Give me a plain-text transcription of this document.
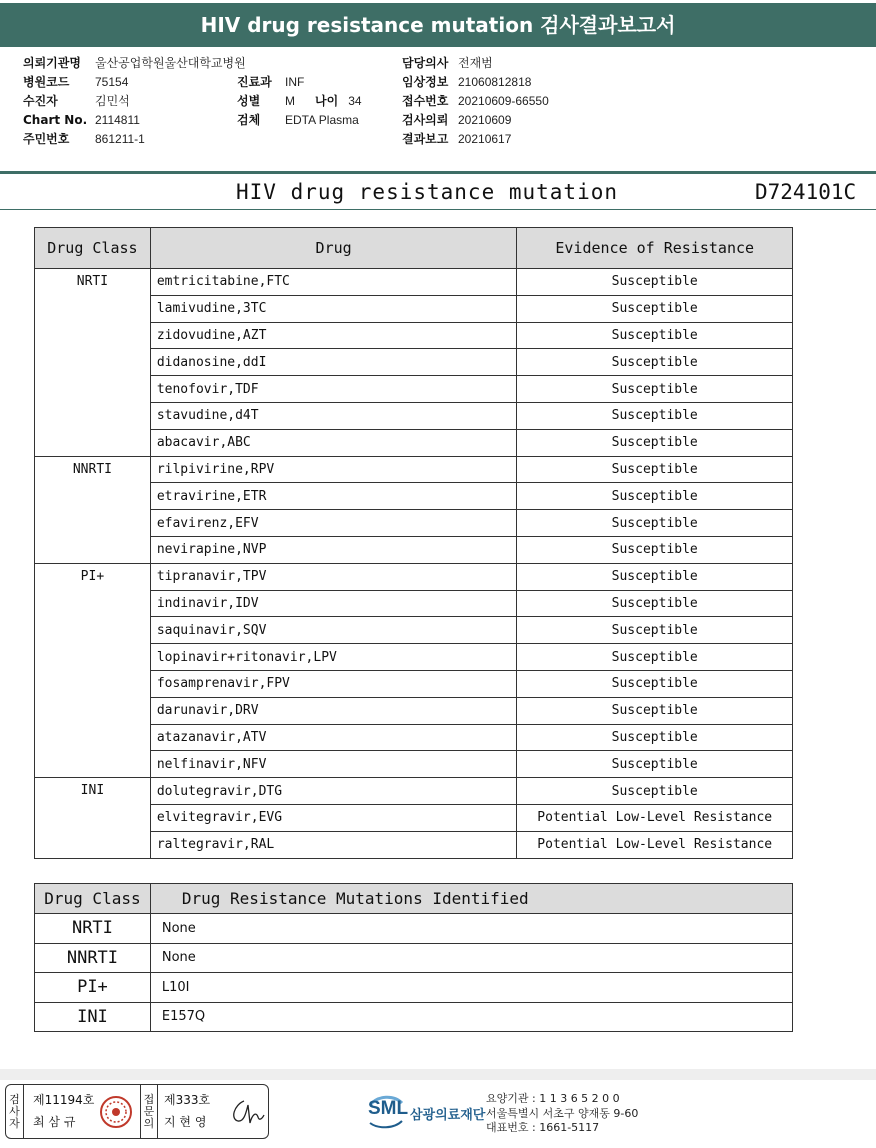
HIV drug resistance mutation 검사결과보고서
의뢰기관명 울산공업학원울산대학교병원
병원코드 75154
수진자	김민석
Chart No. 2114811
주민번호 861211-1
진료과 INF
성별 M 나이 34
검체 EDTA Plasma
담당의사 전재범
임상정보 21060812818
접수번호 20210609-66550
검사의뢰 20210609
결과보고 20210617
HIV drug resistance mutation	D724101C
Drug Class	Drug	Evidence of Resistance
NRTI	emtricitabine,FTC	Susceptible
	lamivudine,3TC	Susceptible
	zidovudine,AZT	Susceptible
	didanosine,ddI	Susceptible
	tenofovir,TDF	Susceptible
	stavudine,d4T	Susceptible
	abacavir,ABC	Susceptible
NNRTI	rilpivirine,RPV	Susceptible
	etravirine,ETR	Susceptible
	efavirenz,EFV	Susceptible
	nevirapine,NVP	Susceptible
PI+	tipranavir,TPV	Susceptible
	indinavir,IDV	Susceptible
	saquinavir,SQV	Susceptible
	lopinavir+ritonavir,LPV	Susceptible
	fosamprenavir,FPV	Susceptible
	darunavir,DRV	Susceptible
	atazanavir,ATV	Susceptible
	nelfinavir,NFV	Susceptible
INI	dolutegravir,DTG	Susceptible
	elvitegravir,EVG	Potential Low-Level Resistance
	raltegravir,RAL	Potential Low-Level Resistance
Drug Class	Drug Resistance Mutations Identified
NRTI	None
NNRTI	None
PI+	L10I
INI	E157Q
검
사
자
제11194호
최 삼 규
접
문
의
제333호
지 현 영
SML 삼광의료재단
요양기관 : 1 1 3 6 5 2 0 0
서울특별시 서초구 양재동 9-60
대표번호 : 1661-5117
